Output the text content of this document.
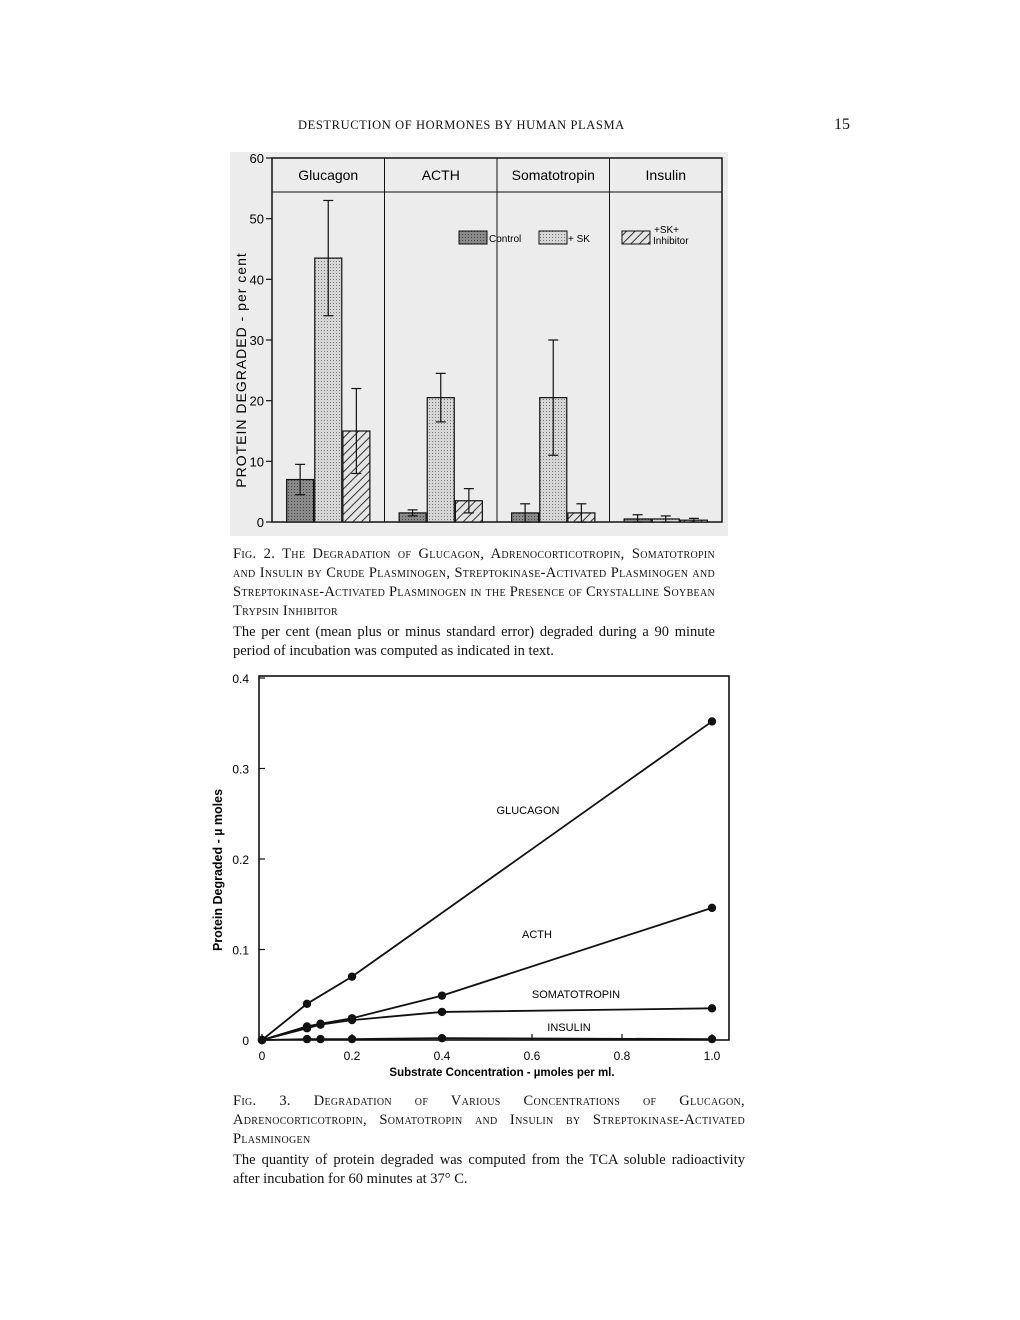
DESTRUCTION OF HORMONES BY HUMAN PLASMA	15
Glucagon	ACTH	Somatotropin	Insulin
0
10
20
30
40
50
60
PROTEIN DEGRADED - per cent
Control	+ SK
+SK+
Inhibitor
0
0.1
0.2
0.3
0.4
0	0.2	0.4	0.6	0.8	1.0
Substrate Concentration - µmoles per ml.
Protein Degraded - µ moles	GLUCAGON
ACTH
SOMATOTROPIN
INSULIN
Fig. 2. The Degradation of Glucagon, Adrenocorticotropin, Somatotropin and Insulin by Crude Plasminogen, Streptokinase-Activated Plasminogen and Streptokinase-Activated Plasminogen in the Presence of Crystalline Soybean Trypsin Inhibitor
The per cent (mean plus or minus standard error) degraded during a 90 minute period of incubation was computed as indicated in text.
Fig. 3. Degradation of Various Concentrations of Glucagon, Adrenocorticotropin, Somatotropin and Insulin by Streptokinase-Activated Plasminogen
The quantity of protein degraded was computed from the TCA soluble radioactivity after incubation for 60 minutes at 37° C.
